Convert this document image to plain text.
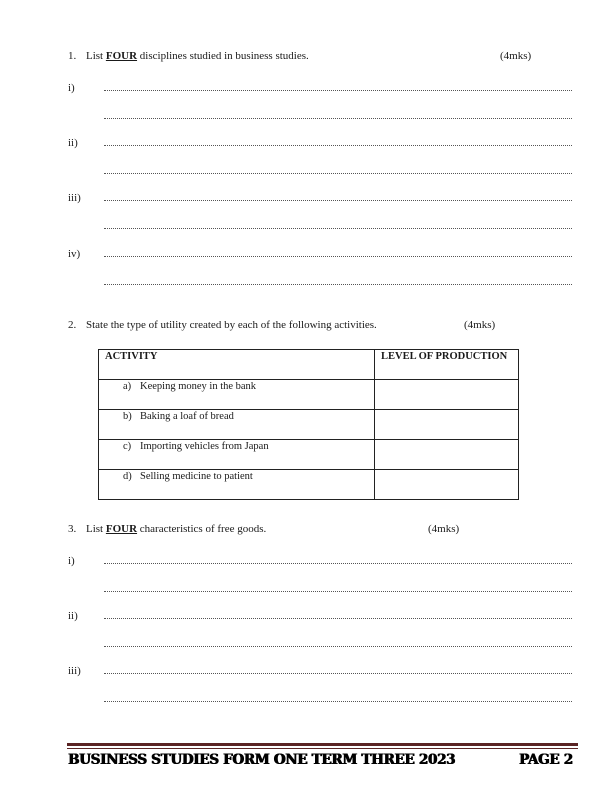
1. List FOUR disciplines studied in business studies.	(4mks)
i)
ii)
iii)
iv)
2. State the type of utility created by each of the following activities.	(4mks)
ACTIVITY	LEVEL OF PRODUCTION
a) Keeping money in the bank	
b) Baking a loaf of bread	
c) Importing vehicles from Japan	
d) Selling medicine to patient	
3. List FOUR characteristics of free goods.	(4mks)
i)
ii)
iii)
BUSINESS STUDIES FORM ONE TERM THREE 2023	PAGE 2
